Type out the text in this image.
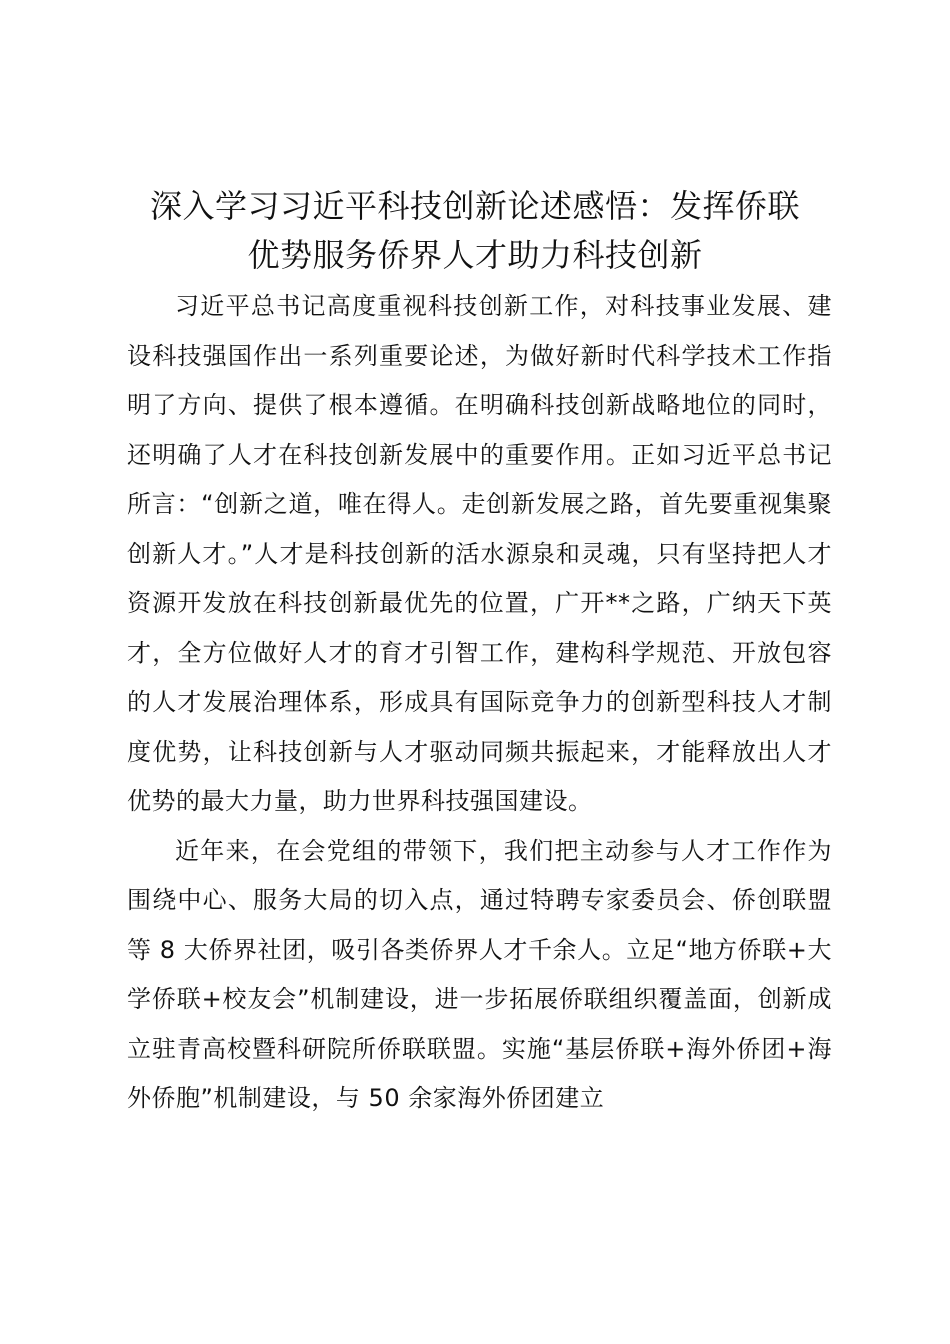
深入学习习近平科技创新论述感悟：发挥侨联
优势服务侨界人才助力科技创新

习近平总书记高度重视科技创新工作，对科技事业发展、建设科技强国作出一系列重要论述，为做好新时代科学技术工作指明了方向、提供了根本遵循。在明确科技创新战略地位的同时，还明确了人才在科技创新发展中的重要作用。正如习近平总书记所言：“创新之道，唯在得人。走创新发展之路，首先要重视集聚创新人才。”人才是科技创新的活水源泉和灵魂，只有坚持把人才资源开发放在科技创新最优先的位置，广开**之路，广纳天下英才，全方位做好人才的育才引智工作，建构科学规范、开放包容的人才发展治理体系，形成具有国际竞争力的创新型科技人才制度优势，让科技创新与人才驱动同频共振起来，才能释放出人才优势的最大力量，助力世界科技强国建设。

近年来，在会党组的带领下，我们把主动参与人才工作作为围绕中心、服务大局的切入点，通过特聘专家委员会、侨创联盟等 8 大侨界社团，吸引各类侨界人才千余人。立足“地方侨联+大学侨联+校友会”机制建设，进一步拓展侨联组织覆盖面，创新成立驻青高校暨科研院所侨联联盟。实施“基层侨联+海外侨团+海外侨胞”机制建设，与 50 余家海外侨团建立
